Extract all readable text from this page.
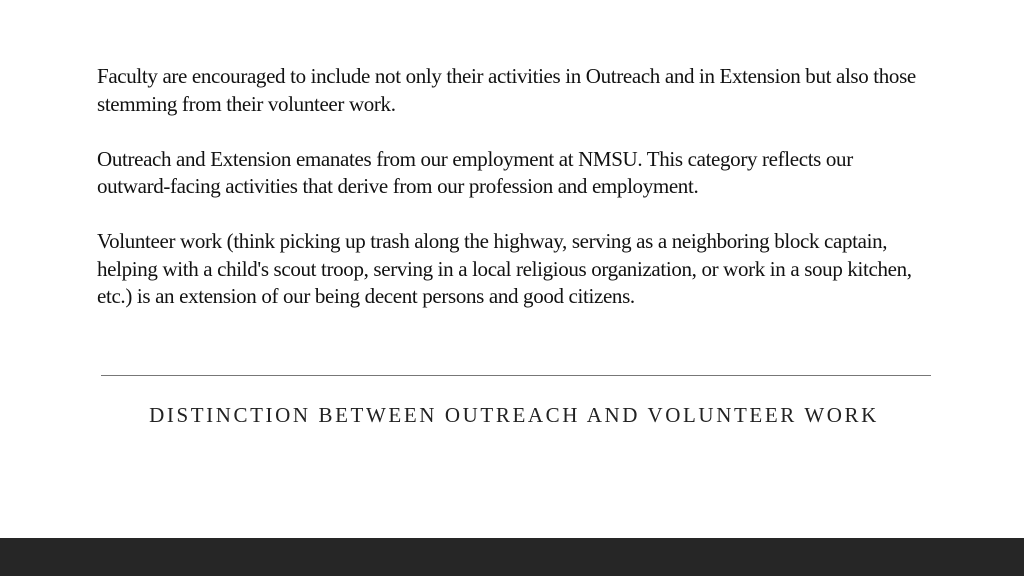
Faculty are encouraged to include not only their activities in Outreach and in Extension but also those stemming from their volunteer work.

Outreach and Extension emanates from our employment at NMSU. This category reflects our outward-facing activities that derive from our profession and employment.

Volunteer work (think picking up trash along the highway, serving as a neighboring block captain, helping with a child's scout troop, serving in a local religious organization, or work in a soup kitchen, etc.) is an extension of our being decent persons and good citizens.

DISTINCTION BETWEEN OUTREACH AND VOLUNTEER WORK
